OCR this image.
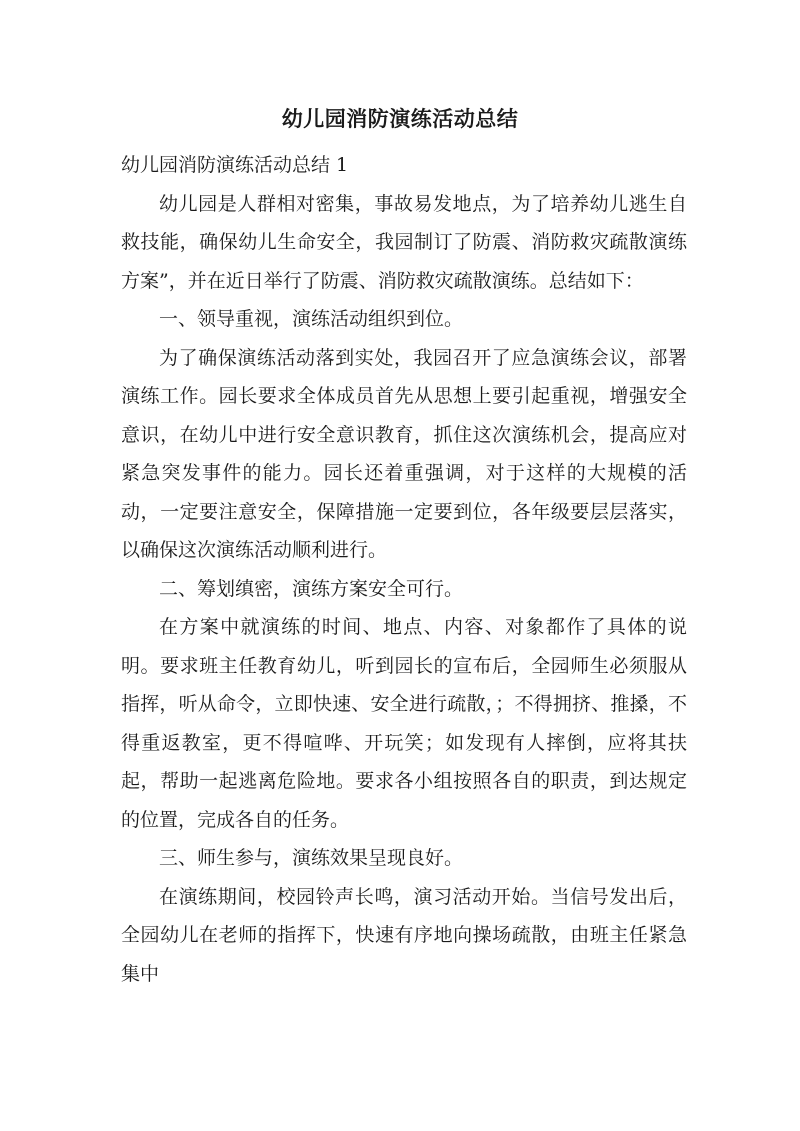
幼儿园消防演练活动总结

幼儿园消防演练活动总结 1

幼儿园是人群相对密集，事故易发地点，为了培养幼儿逃生自救技能，确保幼儿生命安全，我园制订了防震、消防救灾疏散演练方案”，并在近日举行了防震、消防救灾疏散演练。总结如下：

一、领导重视，演练活动组织到位。

为了确保演练活动落到实处，我园召开了应急演练会议，部署演练工作。园长要求全体成员首先从思想上要引起重视，增强安全意识，在幼儿中进行安全意识教育，抓住这次演练机会，提高应对紧急突发事件的能力。园长还着重强调，对于这样的大规模的活动，一定要注意安全，保障措施一定要到位，各年级要层层落实，以确保这次演练活动顺利进行。

二、筹划缜密，演练方案安全可行。

在方案中就演练的时间、地点、内容、对象都作了具体的说明。要求班主任教育幼儿，听到园长的宣布后，全园师生必须服从指挥，听从命令，立即快速、安全进行疏散，；不得拥挤、推搡，不得重返教室，更不得喧哗、开玩笑；如发现有人摔倒，应将其扶起，帮助一起逃离危险地。要求各小组按照各自的职责，到达规定的位置，完成各自的任务。

三、师生参与，演练效果呈现良好。

在演练期间，校园铃声长鸣，演习活动开始。当信号发出后，全园幼儿在老师的指挥下，快速有序地向操场疏散，由班主任紧急集中
